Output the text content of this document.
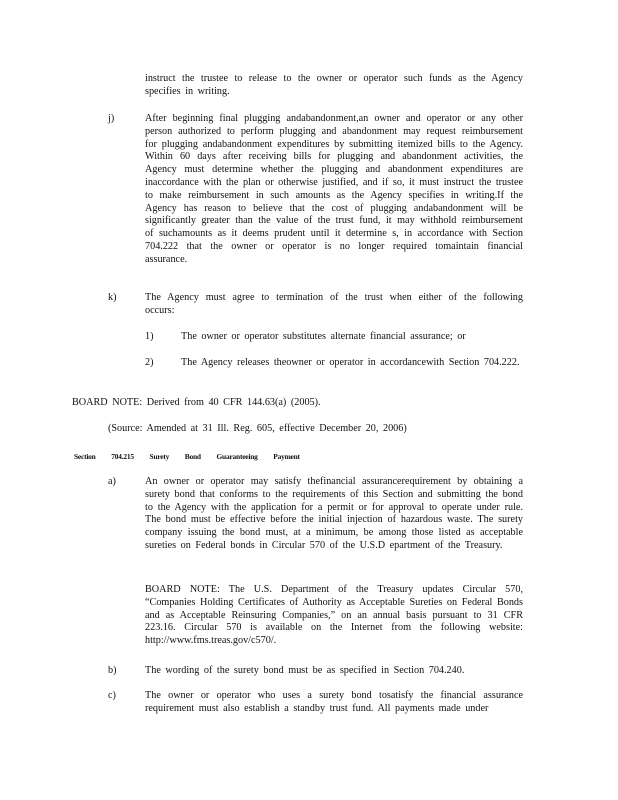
instruct the trustee to release to the owner or operator such funds as the Agency specifies in writing.

j)	After beginning final plugging andabandonment,an owner and operator or any other person authorized to perform plugging and abandonment may request reimbursement for plugging andabandonment expenditures by submitting itemized bills to the Agency. Within 60 days after receiving bills for plugging and abandonment activities, the Agency must determine whether the plugging and abandonment expenditures are inaccordance with the plan or otherwise justified, and if so, it must instruct the trustee to make reimbursement in such amounts as the Agency specifies in writing.If the Agency has reason to believe that the cost of plugging andabandonment will be significantly greater than the value of the trust fund, it may withhold reimbursement of suchamounts as it deems prudent until it determine s, in accordance with Section 704.222 that the owner or operator is no longer required tomaintain financial assurance.

k)	The Agency must agree to termination of the trust when either of the following occurs:

1)	The owner or operator substitutes alternate financial assurance; or

2)	The Agency releases theowner or operator in accordancewith Section 704.222.

BOARD NOTE: Derived from 40 CFR 144.63(a) (2005).

(Source: Amended at 31 Ill. Reg. 605, effective December 20, 2006)

Section 704.215 Surety Bond Guaranteeing Payment
a)	An owner or operator may satisfy thefinancial assurancerequirement by obtaining a surety bond that conforms to the requirements of this Section and submitting the bond to the Agency with the application for a permit or for approval to operate under rule. The bond must be effective before the initial injection of hazardous waste. The surety company issuing the bond must, at a minimum, be among those listed as acceptable sureties on Federal bonds in Circular 570 of the U.S.D epartment of the Treasury.

BOARD NOTE: The U.S. Department of the Treasury updates Circular 570, “Companies Holding Certificates of Authority as Acceptable Sureties on Federal Bonds and as Acceptable Reinsuring Companies,” on an annual basis pursuant to 31 CFR 223.16. Circular 570 is available on the Internet from the following website: http://www.fms.treas.gov/c570/.

b)	The wording of the surety bond must be as specified in Section 704.240.

c)	The owner or operator who uses a surety bond tosatisfy the financial assurance requirement must also establish a standby trust fund. All payments made under
